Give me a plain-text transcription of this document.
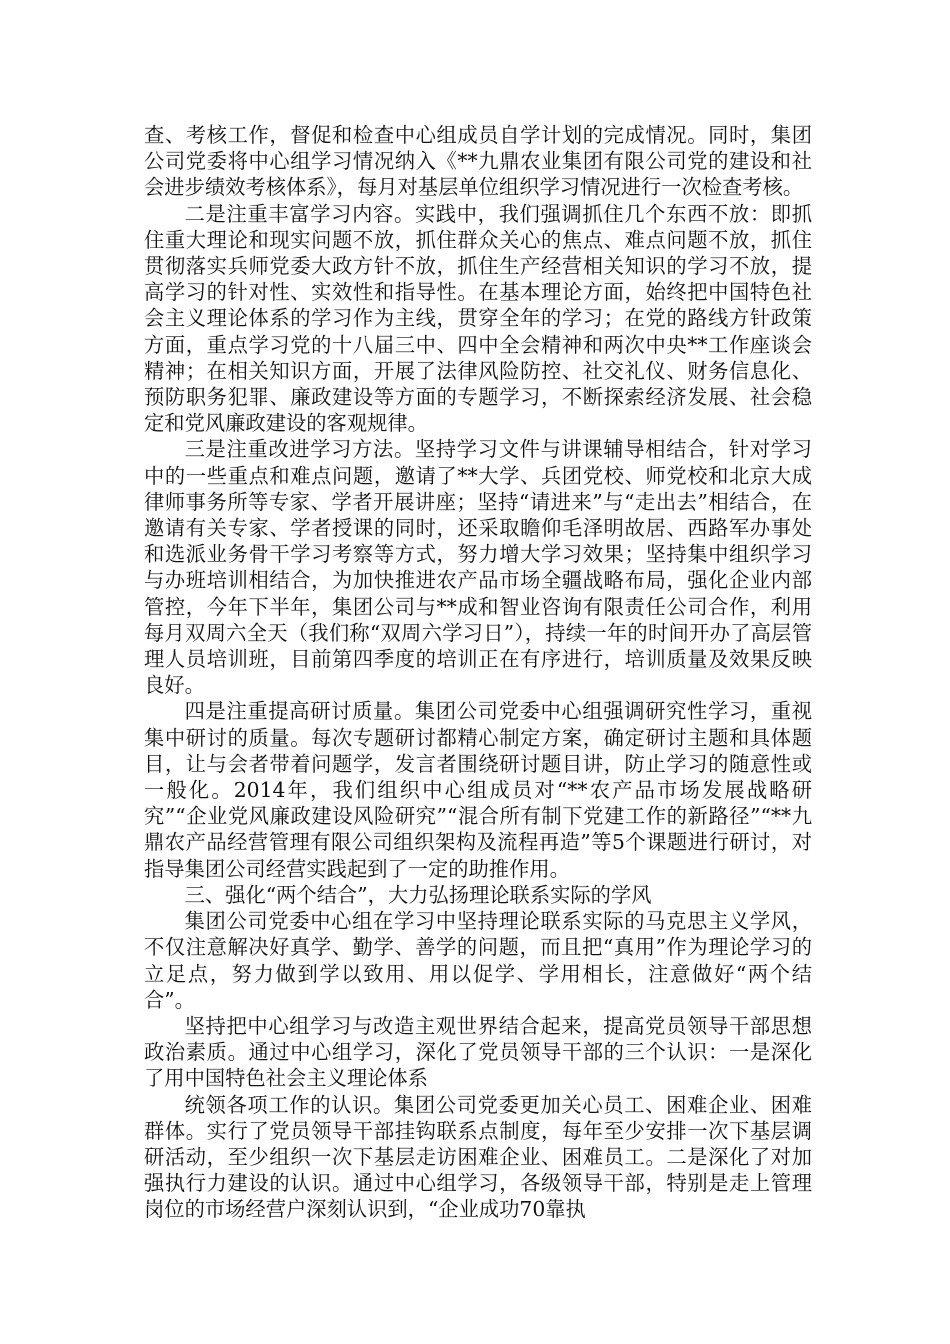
查、考核工作，督促和检查中心组成员自学计划的完成情况。同时，集团公司党委将中心组学习情况纳入《**九鼎农业集团有限公司党的建设和社会进步绩效考核体系》，每月对基层单位组织学习情况进行一次检查考核。

二是注重丰富学习内容。实践中，我们强调抓住几个东西不放：即抓住重大理论和现实问题不放，抓住群众关心的焦点、难点问题不放，抓住贯彻落实兵师党委大政方针不放，抓住生产经营相关知识的学习不放，提高学习的针对性、实效性和指导性。在基本理论方面，始终把中国特色社会主义理论体系的学习作为主线，贯穿全年的学习；在党的路线方针政策方面，重点学习党的十八届三中、四中全会精神和两次中央**工作座谈会精神；在相关知识方面，开展了法律风险防控、社交礼仪、财务信息化、预防职务犯罪、廉政建设等方面的专题学习，不断探索经济发展、社会稳定和党风廉政建设的客观规律。

三是注重改进学习方法。坚持学习文件与讲课辅导相结合，针对学习中的一些重点和难点问题，邀请了**大学、兵团党校、师党校和北京大成律师事务所等专家、学者开展讲座；坚持“请进来”与“走出去”相结合，在邀请有关专家、学者授课的同时，还采取瞻仰毛泽明故居、西路军办事处和选派业务骨干学习考察等方式，努力增大学习效果；坚持集中组织学习与办班培训相结合，为加快推进农产品市场全疆战略布局，强化企业内部管控，今年下半年，集团公司与**成和智业咨询有限责任公司合作，利用每月双周六全天（我们称“双周六学习日”），持续一年的时间开办了高层管理人员培训班，目前第四季度的培训正在有序进行，培训质量及效果反映良好。

四是注重提高研讨质量。集团公司党委中心组强调研究性学习，重视集中研讨的质量。每次专题研讨都精心制定方案，确定研讨主题和具体题目，让与会者带着问题学，发言者围绕研讨题目讲，防止学习的随意性或一般化。2014年，我们组织中心组成员对“**农产品市场发展战略研究”“企业党风廉政建设风险研究”“混合所有制下党建工作的新路径”“**九鼎农产品经营管理有限公司组织架构及流程再造”等5个课题进行研讨，对指导集团公司经营实践起到了一定的助推作用。

三、强化“两个结合”，大力弘扬理论联系实际的学风

集团公司党委中心组在学习中坚持理论联系实际的马克思主义学风，不仅注意解决好真学、勤学、善学的问题，而且把“真用”作为理论学习的立足点，努力做到学以致用、用以促学、学用相长，注意做好“两个结合”。

坚持把中心组学习与改造主观世界结合起来，提高党员领导干部思想政治素质。通过中心组学习，深化了党员领导干部的三个认识：一是深化了用中国特色社会主义理论体系

统领各项工作的认识。集团公司党委更加关心员工、困难企业、困难群体。实行了党员领导干部挂钩联系点制度，每年至少安排一次下基层调研活动，至少组织一次下基层走访困难企业、困难员工。二是深化了对加强执行力建设的认识。通过中心组学习，各级领导干部，特别是走上管理岗位的市场经营户深刻认识到，“企业成功70靠执
